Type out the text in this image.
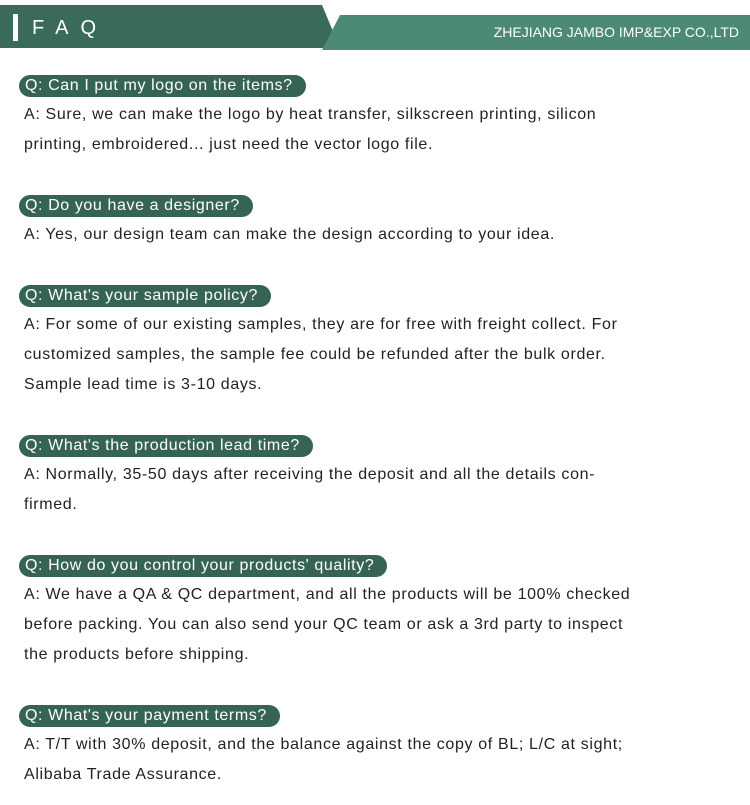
FAQ	ZHEJIANG JAMBO IMP&EXP CO.,LTD
Q: Can I put my logo on the items?
A: Sure, we can make the logo by heat transfer, silkscreen printing, silicon
printing, embroidered... just need the vector logo file.
Q: Do you have a designer?
A: Yes, our design team can make the design according to your idea.
Q: What's your sample policy?
A: For some of our existing samples, they are for free with freight collect. For
customized samples, the sample fee could be refunded after the bulk order.
Sample lead time is 3-10 days.
Q: What's the production lead time?
A: Normally, 35-50 days after receiving the deposit and all the details con-
firmed.
Q: How do you control your products' quality?
A: We have a QA & QC department, and all the products will be 100% checked
before packing. You can also send your QC team or ask a 3rd party to inspect
the products before shipping.
Q: What's your payment terms?
A: T/T with 30% deposit, and the balance against the copy of BL; L/C at sight;
Alibaba Trade Assurance.
